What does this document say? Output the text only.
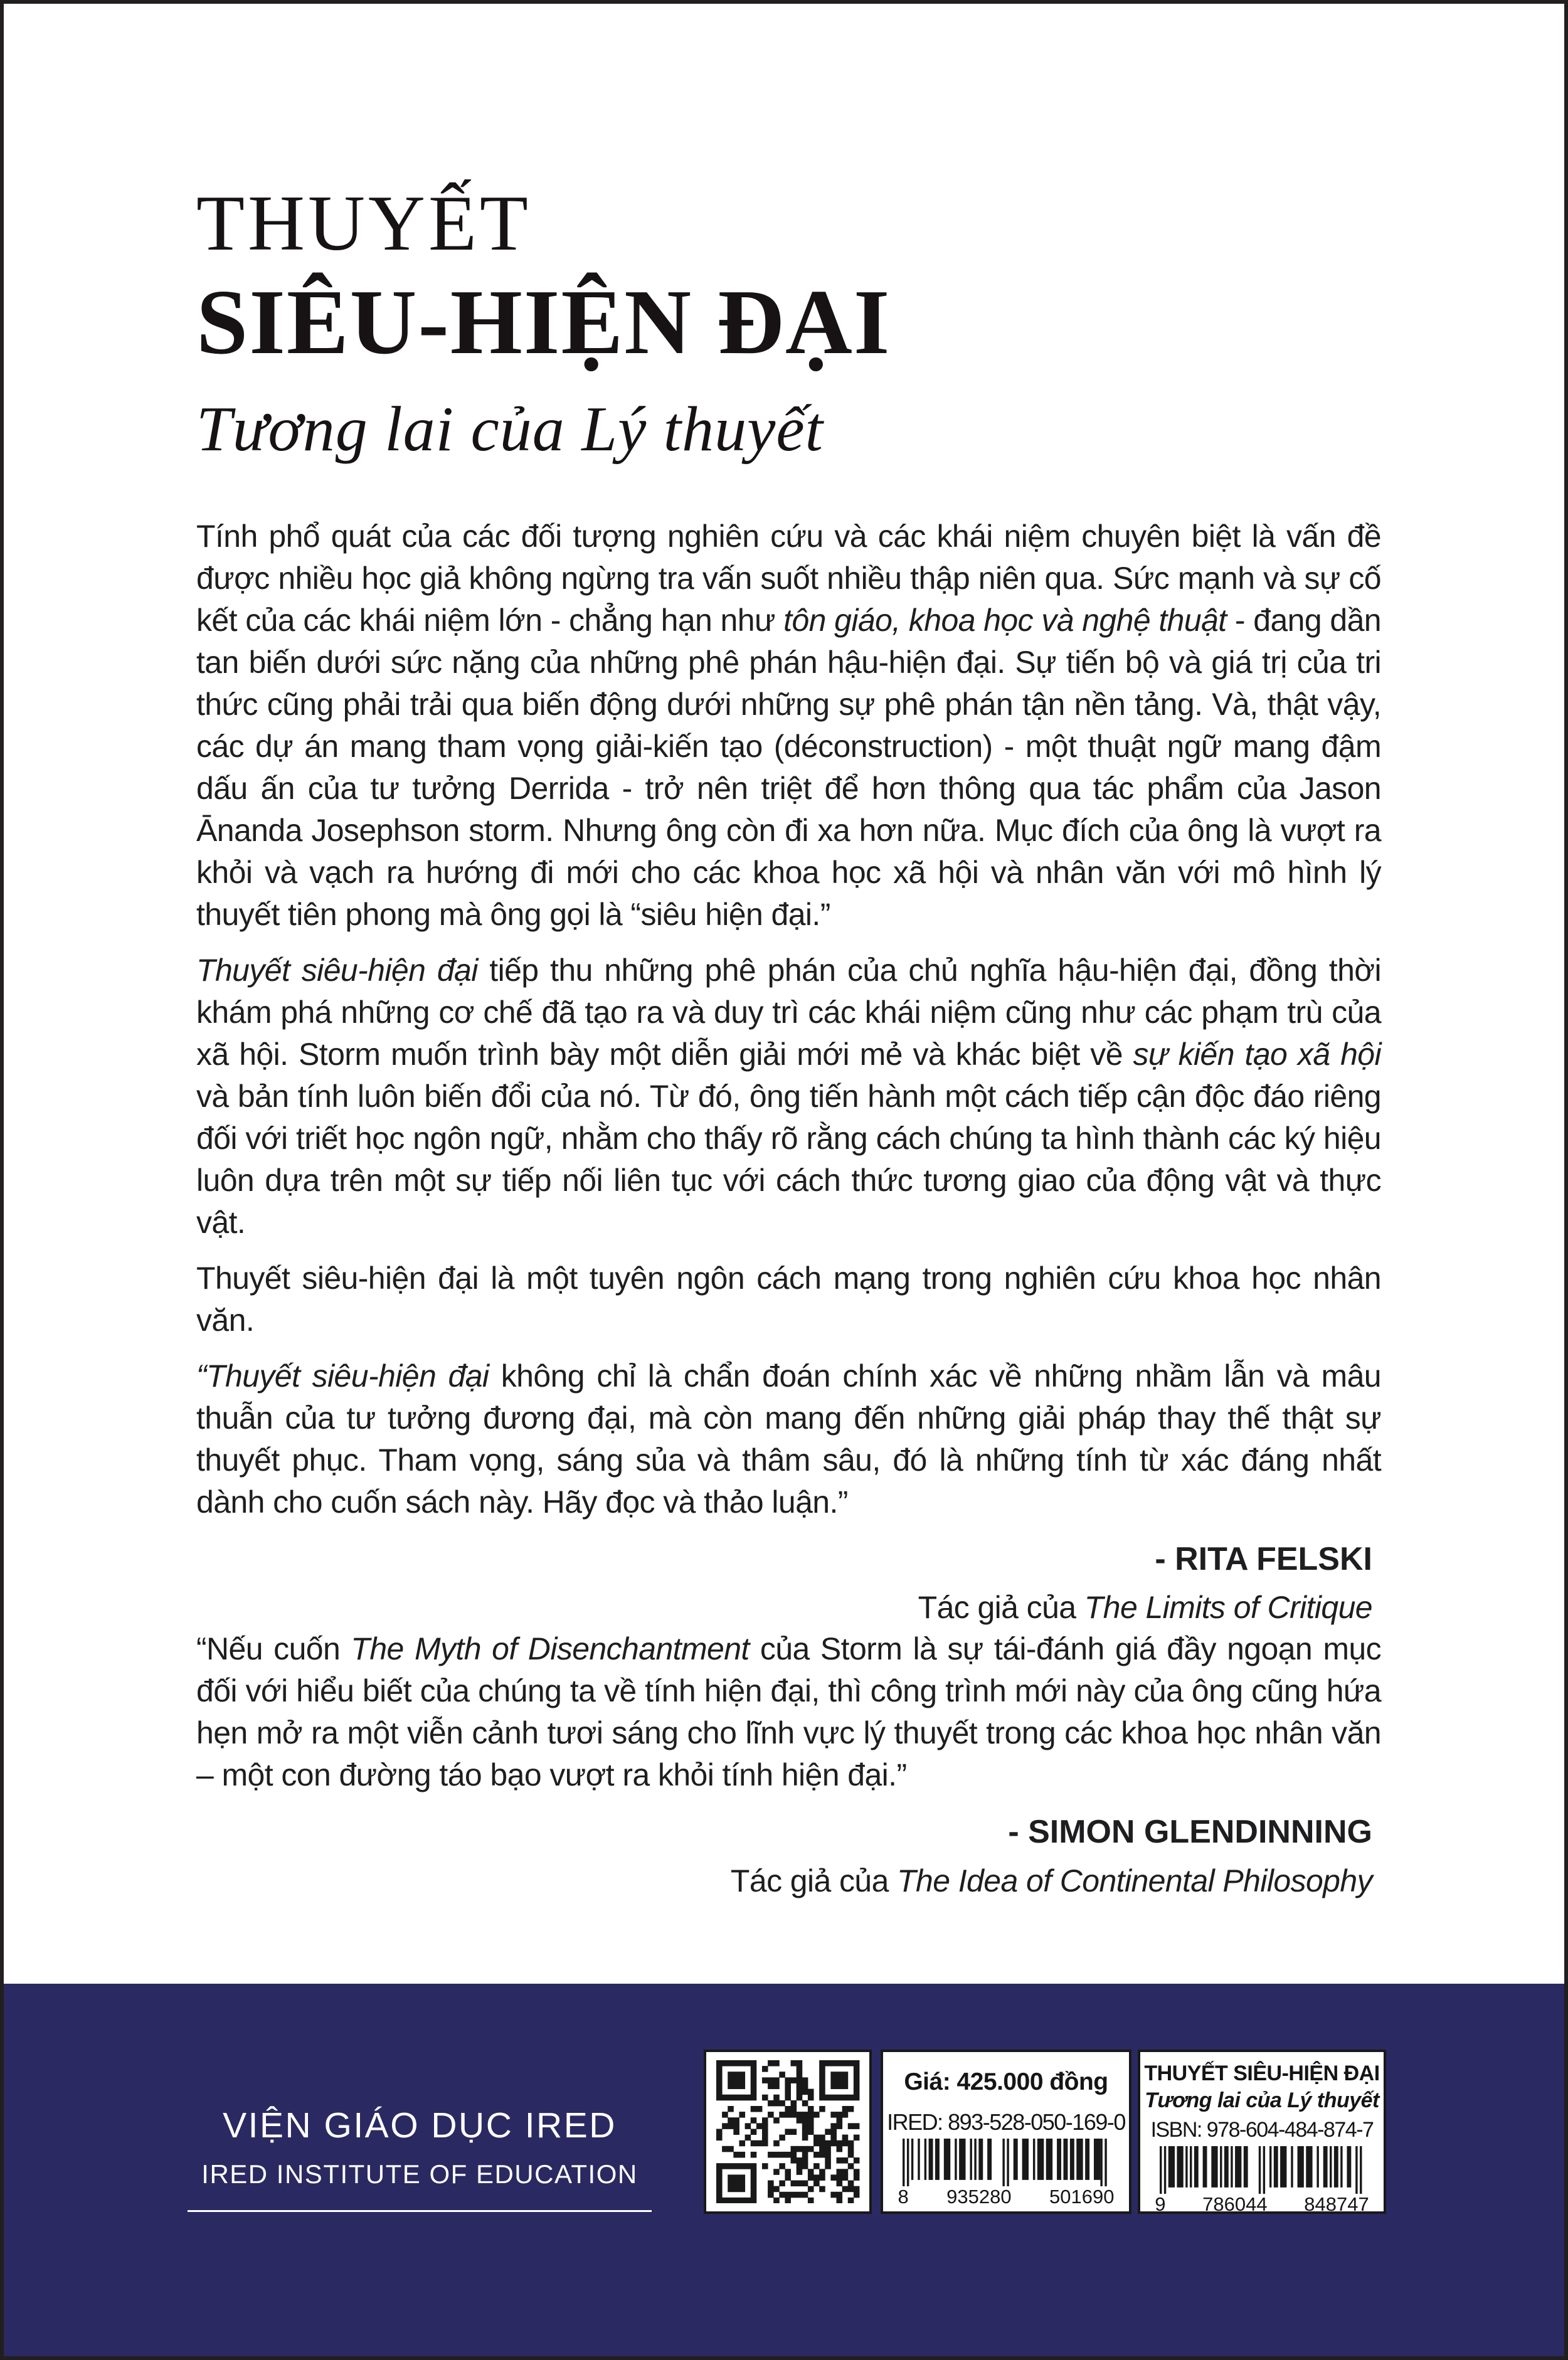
THUYẾT
SIÊU-HIỆN ĐẠI
Tương lai của Lý thuyết

Tính phổ quát của các đối tượng nghiên cứu và các khái niệm chuyên biệt là vấn đề được nhiều học giả không ngừng tra vấn suốt nhiều thập niên qua. Sức mạnh và sự cố kết của các khái niệm lớn - chẳng hạn như tôn giáo, khoa học và nghệ thuật - đang dần tan biến dưới sức nặng của những phê phán hậu-hiện đại. Sự tiến bộ và giá trị của tri thức cũng phải trải qua biến động dưới những sự phê phán tận nền tảng. Và, thật vậy, các dự án mang tham vọng giải-kiến tạo (déconstruction) - một thuật ngữ mang đậm dấu ấn của tư tưởng Derrida - trở nên triệt để hơn thông qua tác phẩm của Jason Ānanda Josephson storm. Nhưng ông còn đi xa hơn nữa. Mục đích của ông là vượt ra khỏi và vạch ra hướng đi mới cho các khoa học xã hội và nhân văn với mô hình lý thuyết tiên phong mà ông gọi là “siêu hiện đại.”

Thuyết siêu-hiện đại tiếp thu những phê phán của chủ nghĩa hậu-hiện đại, đồng thời khám phá những cơ chế đã tạo ra và duy trì các khái niệm cũng như các phạm trù của xã hội. Storm muốn trình bày một diễn giải mới mẻ và khác biệt về sự kiến tạo xã hội và bản tính luôn biến đổi của nó. Từ đó, ông tiến hành một cách tiếp cận độc đáo riêng đối với triết học ngôn ngữ, nhằm cho thấy rõ rằng cách chúng ta hình thành các ký hiệu luôn dựa trên một sự tiếp nối liên tục với cách thức tương giao của động vật và thực vật.

Thuyết siêu-hiện đại là một tuyên ngôn cách mạng trong nghiên cứu khoa học nhân văn.

“Thuyết siêu-hiện đại không chỉ là chẩn đoán chính xác về những nhầm lẫn và mâu thuẫn của tư tưởng đương đại, mà còn mang đến những giải pháp thay thế thật sự thuyết phục. Tham vọng, sáng sủa và thâm sâu, đó là những tính từ xác đáng nhất dành cho cuốn sách này. Hãy đọc và thảo luận.”

- RITA FELSKI
Tác giả của The Limits of Critique

“Nếu cuốn The Myth of Disenchantment của Storm là sự tái-đánh giá đầy ngoạn mục đối với hiểu biết của chúng ta về tính hiện đại, thì công trình mới này của ông cũng hứa hẹn mở ra một viễn cảnh tươi sáng cho lĩnh vực lý thuyết trong các khoa học nhân văn – một con đường táo bạo vượt ra khỏi tính hiện đại.”

- SIMON GLENDINNING
Tác giả của The Idea of Continental Philosophy
VIỆN GIÁO DỤC IRED
IRED INSTITUTE OF EDUCATION
Giá: 425.000 đồng
IRED: 893-528-050-169-0
8 935280 501690
THUYẾT SIÊU-HIỆN ĐẠI
Tương lai của Lý thuyết
ISBN: 978-604-484-874-7
9 786044 848747
